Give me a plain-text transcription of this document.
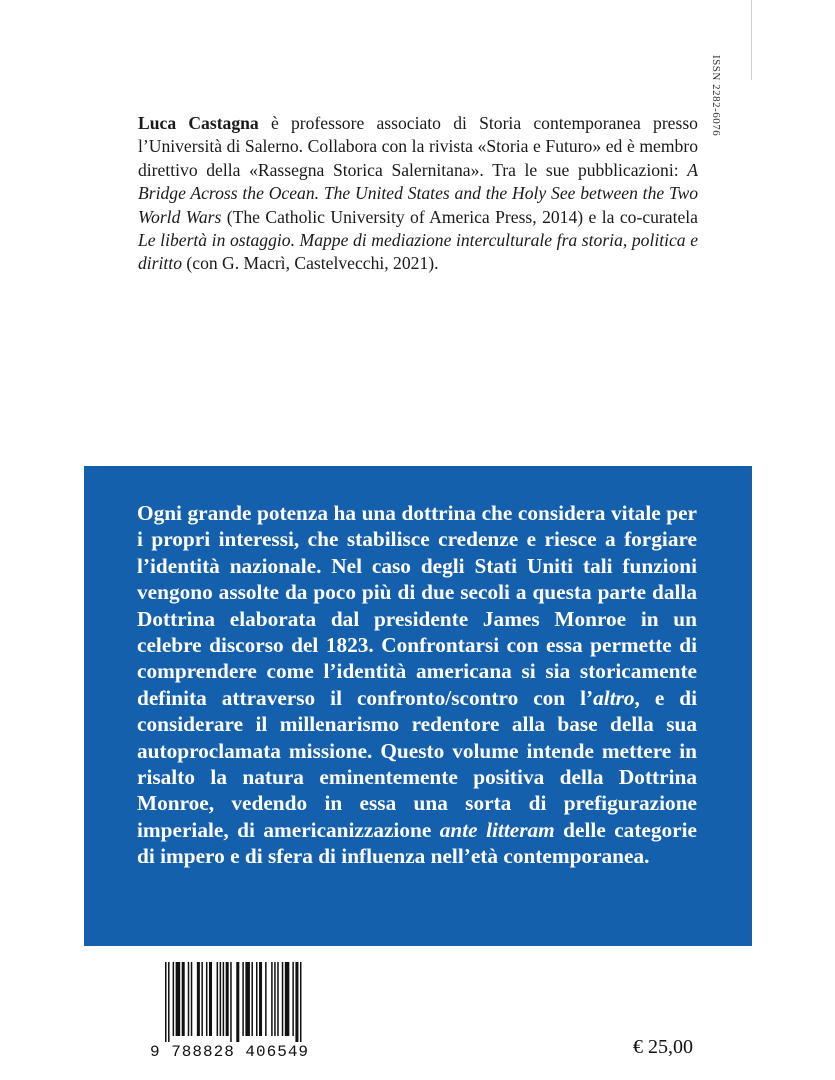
ISSN 2282-6076
Luca Castagna è professore associato di Storia contemporanea presso l’Università di Salerno. Collabora con la rivista «Storia e Futuro» ed è membro direttivo della «Rassegna Storica Salernitana». Tra le sue pubblicazioni: A Bridge Across the Ocean. The United States and the Holy See between the Two World Wars (The Catholic University of America Press, 2014) e la co-curatela Le libertà in ostaggio. Mappe di mediazione interculturale fra storia, politica e diritto (con G. Macrì, Castelvecchi, 2021).
Ogni grande potenza ha una dottrina che considera vitale per i propri interessi, che stabilisce credenze e riesce a forgiare l’identità nazionale. Nel caso degli Stati Uniti tali funzioni vengono assolte da poco più di due secoli a questa parte dalla Dottrina elaborata dal presidente James Monroe in un celebre discorso del 1823. Confrontarsi con essa permette di comprendere come l’identità americana si sia storicamente definita attraverso il confronto/scontro con l’altro, e di considerare il millenarismo redentore alla base della sua autoproclamata missione. Questo volume intende mettere in risalto la natura eminentemente positiva della Dottrina Monroe, vedendo in essa una sorta di prefigurazione imperiale, di americanizzazione ante litteram delle categorie di impero e di sfera di influenza nell’età contemporanea.
9 788828 406549	€ 25,00
